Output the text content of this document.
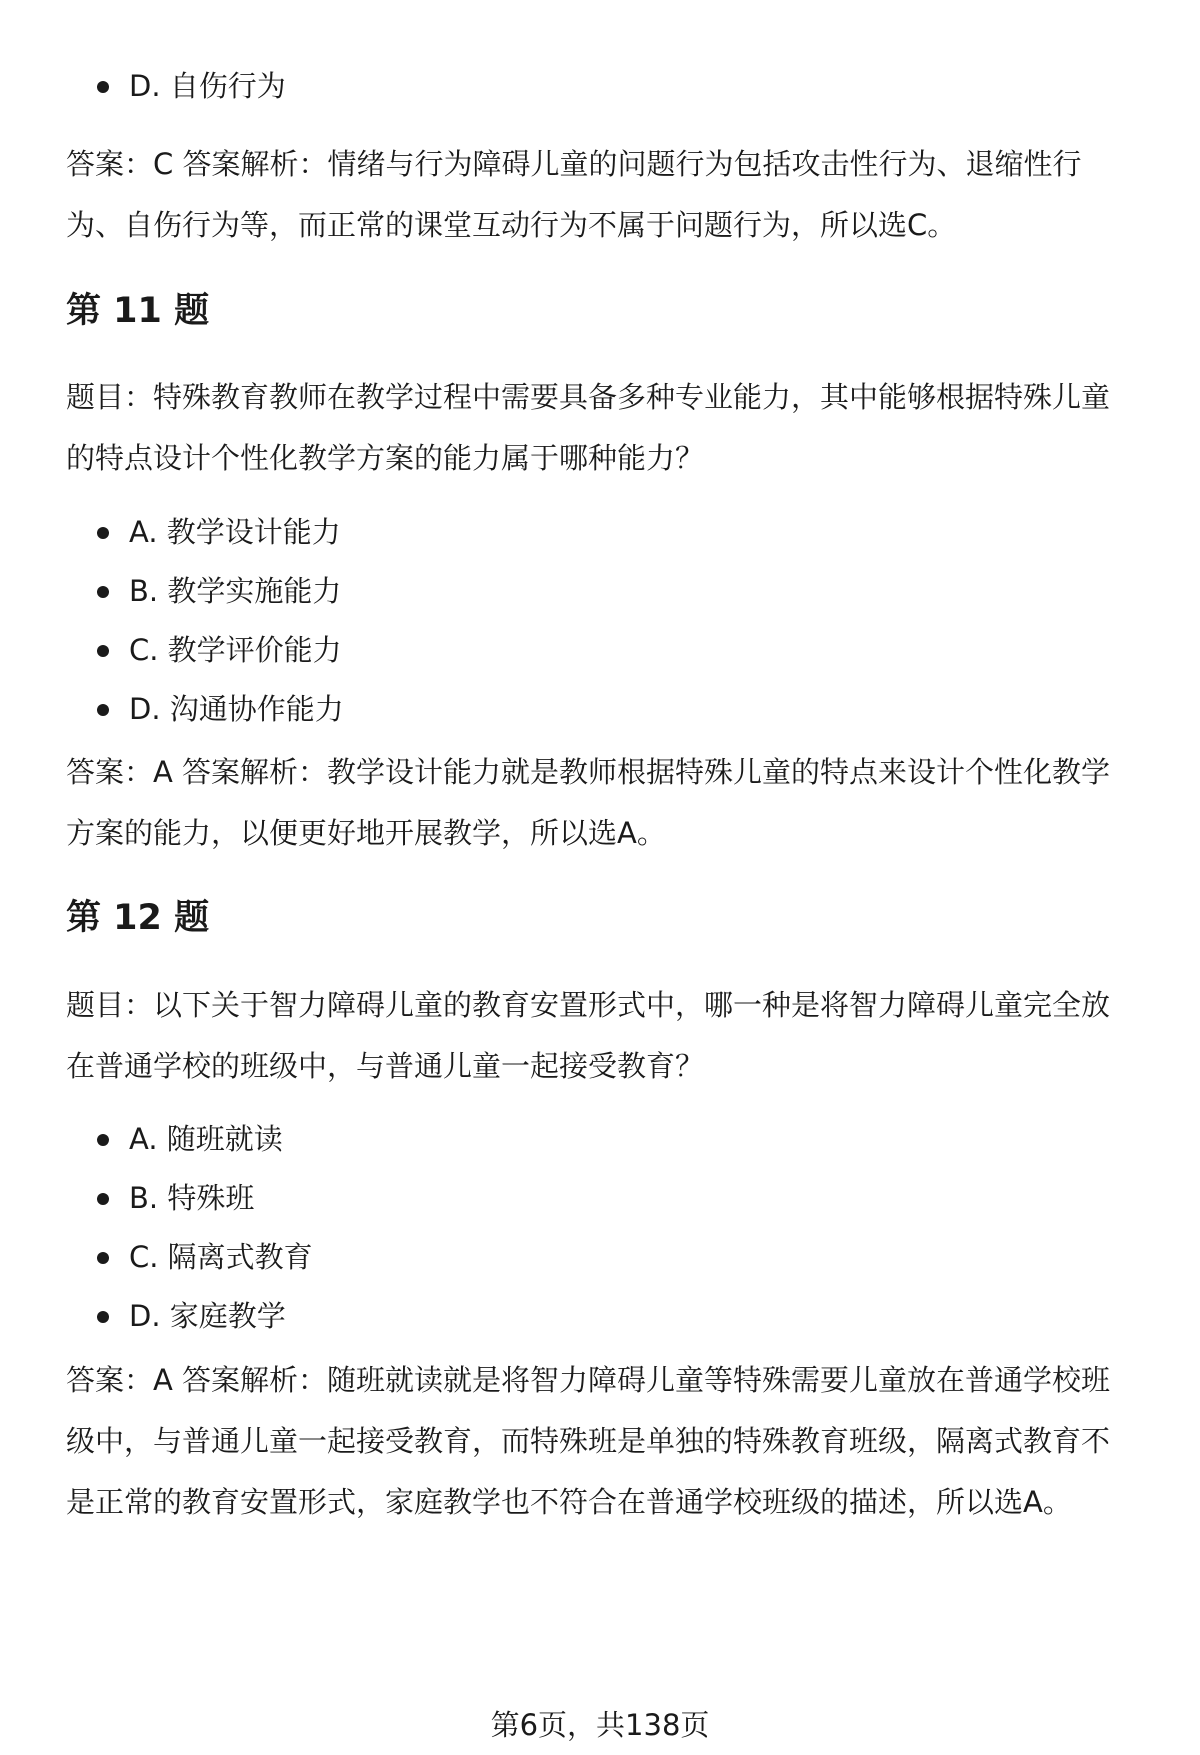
D. 自伤行为

答案：C 答案解析：情绪与行为障碍儿童的问题行为包括攻击性行为、退缩性行

为、自伤行为等，而正常的课堂互动行为不属于问题行为，所以选C。

第 11 题

题目：特殊教育教师在教学过程中需要具备多种专业能力，其中能够根据特殊儿童

的特点设计个性化教学方案的能力属于哪种能力？

A. 教学设计能力
B. 教学实施能力
C. 教学评价能力
D. 沟通协作能力

答案：A 答案解析：教学设计能力就是教师根据特殊儿童的特点来设计个性化教学

方案的能力，以便更好地开展教学，所以选A。

第 12 题

题目：以下关于智力障碍儿童的教育安置形式中，哪一种是将智力障碍儿童完全放

在普通学校的班级中，与普通儿童一起接受教育？

A. 随班就读
B. 特殊班
C. 隔离式教育
D. 家庭教学

答案：A 答案解析：随班就读就是将智力障碍儿童等特殊需要儿童放在普通学校班

级中，与普通儿童一起接受教育，而特殊班是单独的特殊教育班级，隔离式教育不

是正常的教育安置形式，家庭教学也不符合在普通学校班级的描述，所以选A。

第6页，共138页
